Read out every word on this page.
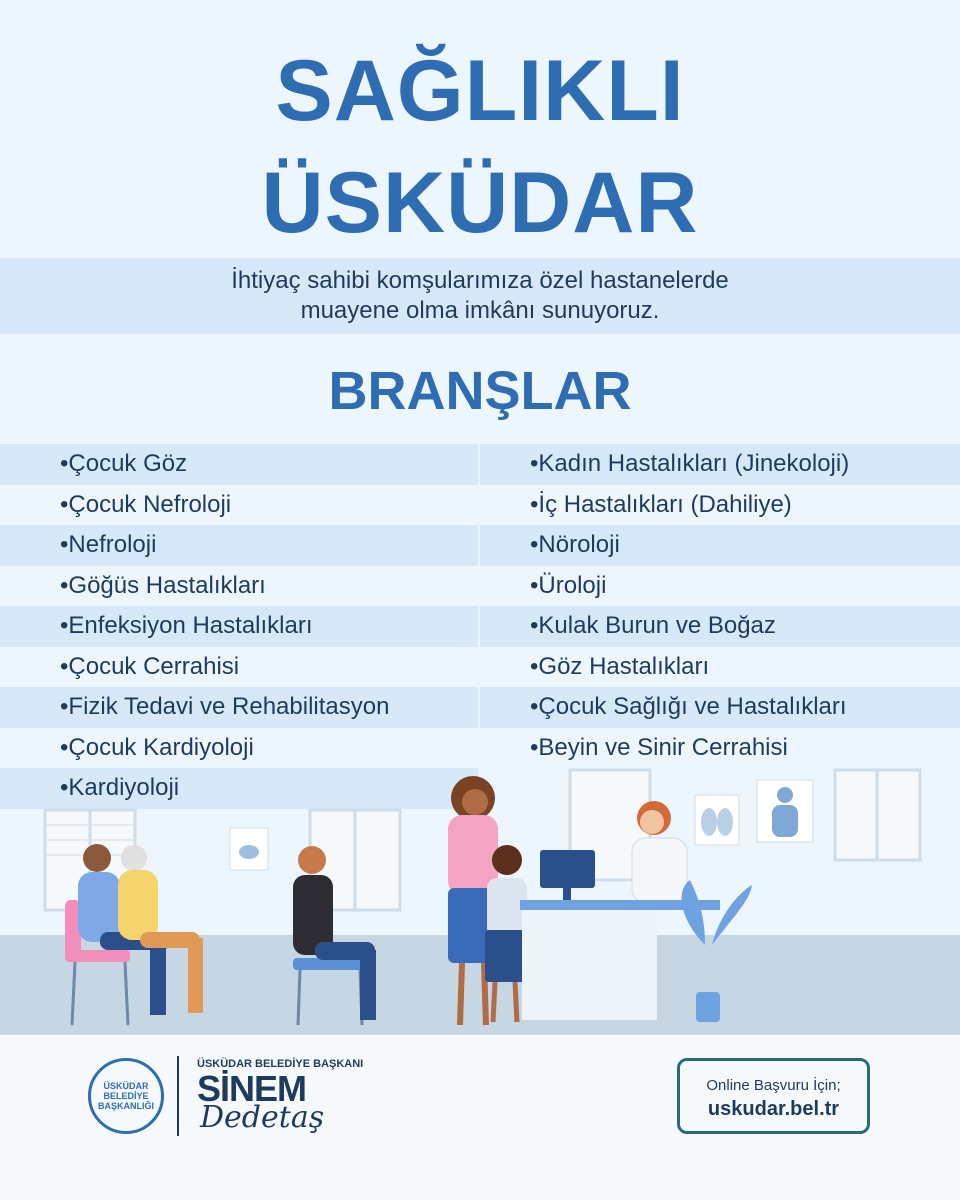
SAĞLIKLI
ÜSKÜDAR
İhtiyaç sahibi komşularımıza özel hastanelerde
muayene olma imkânı sunuyoruz.
BRANŞLAR
• Çocuk Göz
• Çocuk Nefroloji
• Nefroloji
• Göğüs Hastalıkları
• Enfeksiyon Hastalıkları
• Çocuk Cerrahisi
• Fizik Tedavi ve Rehabilitasyon
• Çocuk Kardiyoloji
• Kardiyoloji
• Kadın Hastalıkları (Jinekoloji)
• İç Hastalıkları (Dahiliye)
• Nöroloji
• Üroloji
• Kulak Burun ve Boğaz
• Göz Hastalıkları
• Çocuk Sağlığı ve Hastalıkları
• Beyin ve Sinir Cerrahisi
ÜSKÜDAR BELEDİYE BAŞKANLIĞI
ÜSKÜDAR BELEDİYE BAŞKANI
SİNEM
Dedetaş
Online Başvuru İçin;
uskudar.bel.tr
